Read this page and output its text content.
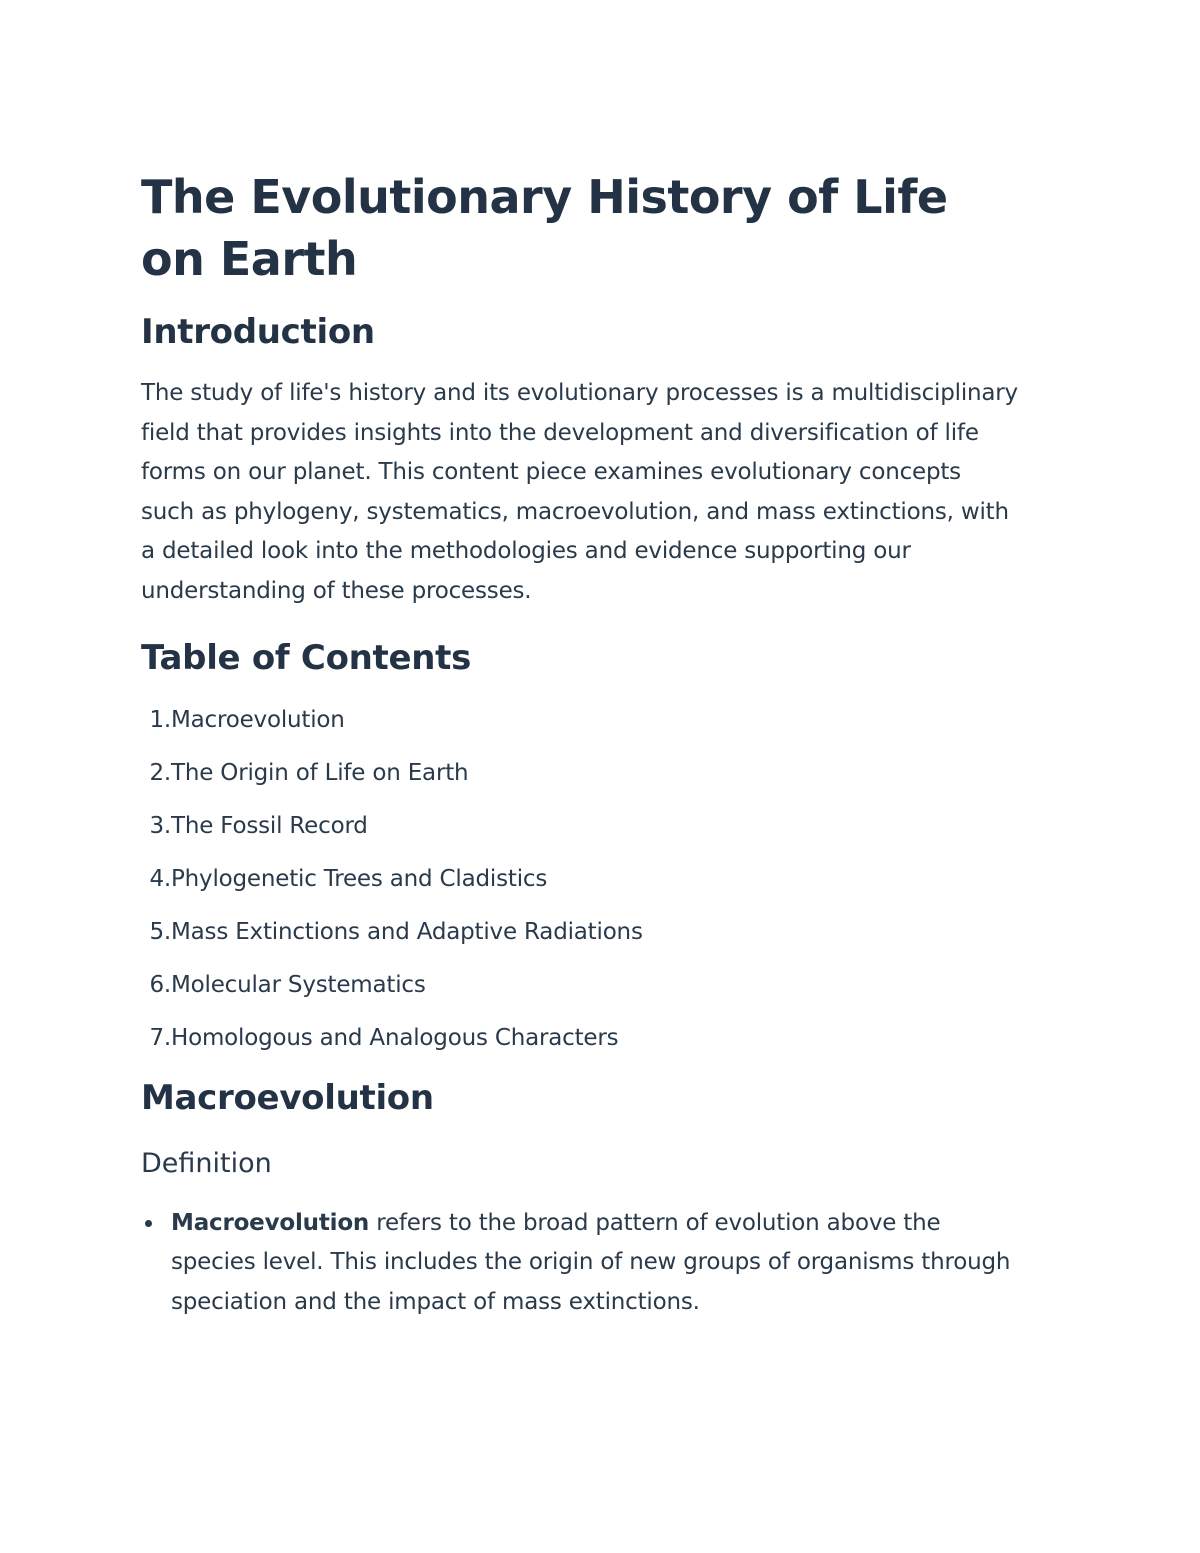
The Evolutionary History of Life on Earth
Introduction

The study of life's history and its evolutionary processes is a multidisciplinary field that provides insights into the development and diversification of life forms on our planet. This content piece examines evolutionary concepts such as phylogeny, systematics, macroevolution, and mass extinctions, with a detailed look into the methodologies and evidence supporting our understanding of these processes.

Table of Contents
1.Macroevolution
2.The Origin of Life on Earth
3.The Fossil Record
4.Phylogenetic Trees and Cladistics
5.Mass Extinctions and Adaptive Radiations
6.Molecular Systematics
7.Homologous and Analogous Characters
Macroevolution
Definition
Macroevolution refers to the broad pattern of evolution above the species level. This includes the origin of new groups of organisms through speciation and the impact of mass extinctions.
